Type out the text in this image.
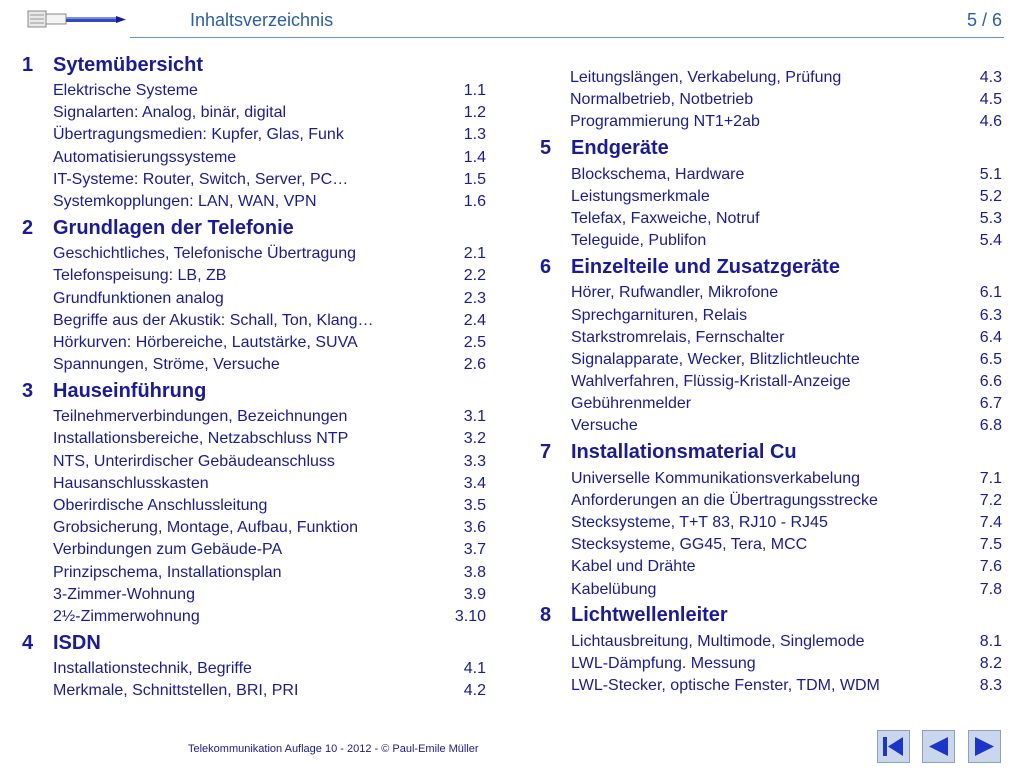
Inhaltsverzeichnis	5 / 6
1 Sytemübersicht
Elektrische Systeme	1.1
Signalarten: Analog, binär, digital	1.2
Übertragungsmedien: Kupfer, Glas, Funk	1.3
Automatisierungssysteme	1.4
IT-Systeme: Router, Switch, Server, PC…	1.5
Systemkopplungen: LAN, WAN, VPN	1.6
2 Grundlagen der Telefonie
Geschichtliches, Telefonische Übertragung	2.1
Telefonspeisung: LB, ZB	2.2
Grundfunktionen analog	2.3
Begriffe aus der Akustik: Schall, Ton, Klang…	2.4
Hörkurven: Hörbereiche, Lautstärke, SUVA	2.5
Spannungen, Ströme, Versuche	2.6
3 Hauseinführung
Teilnehmerverbindungen, Bezeichnungen	3.1
Installationsbereiche, Netzabschluss NTP	3.2
NTS, Unterirdischer Gebäudeanschluss	3.3
Hausanschlusskasten	3.4
Oberirdische Anschlussleitung	3.5
Grobsicherung, Montage, Aufbau, Funktion	3.6
Verbindungen zum Gebäude-PA	3.7
Prinzipschema, Installationsplan	3.8
3-Zimmer-Wohnung	3.9
2½-Zimmerwohnung	3.10
4 ISDN
Installationstechnik, Begriffe	4.1
Merkmale, Schnittstellen, BRI, PRI	4.2
Leitungslängen, Verkabelung, Prüfung	4.3
Normalbetrieb, Notbetrieb	4.5
Programmierung NT1+2ab	4.6
5 Endgeräte
Blockschema, Hardware	5.1
Leistungsmerkmale	5.2
Telefax, Faxweiche, Notruf	5.3
Teleguide, Publifon	5.4
6 Einzelteile und Zusatzgeräte
Hörer, Rufwandler, Mikrofone	6.1
Sprechgarnituren, Relais	6.3
Starkstromrelais, Fernschalter	6.4
Signalapparate, Wecker, Blitzlichtleuchte	6.5
Wahlverfahren, Flüssig-Kristall-Anzeige	6.6
Gebührenmelder	6.7
Versuche	6.8
7 Installationsmaterial Cu
Universelle Kommunikationsverkabelung	7.1
Anforderungen an die Übertragungsstrecke	7.2
Stecksysteme, T+T 83, RJ10 - RJ45	7.4
Stecksysteme, GG45, Tera, MCC	7.5
Kabel und Drähte	7.6
Kabelübung	7.8
8 Lichtwellenleiter
Lichtausbreitung, Multimode, Singlemode	8.1
LWL-Dämpfung. Messung	8.2
LWL-Stecker, optische Fenster, TDM, WDM	8.3
Telekommunikation Auflage 10 - 2012 - © Paul-Emile Müller
